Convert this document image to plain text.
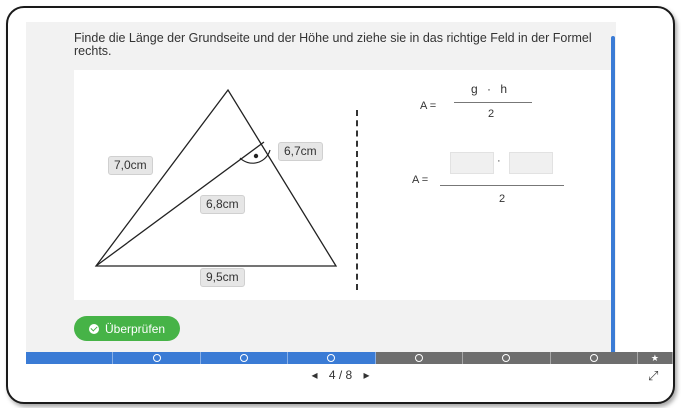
Finde die Länge der Grundseite und der Höhe und ziehe sie in das richtige Feld in der Formel rechts.

7,0cm
6,7cm
6,8cm
9,5cm
A =
g · h
2
A =
·
2
Überprüfen
★
◂ 4 / 8 ▸	⤢
